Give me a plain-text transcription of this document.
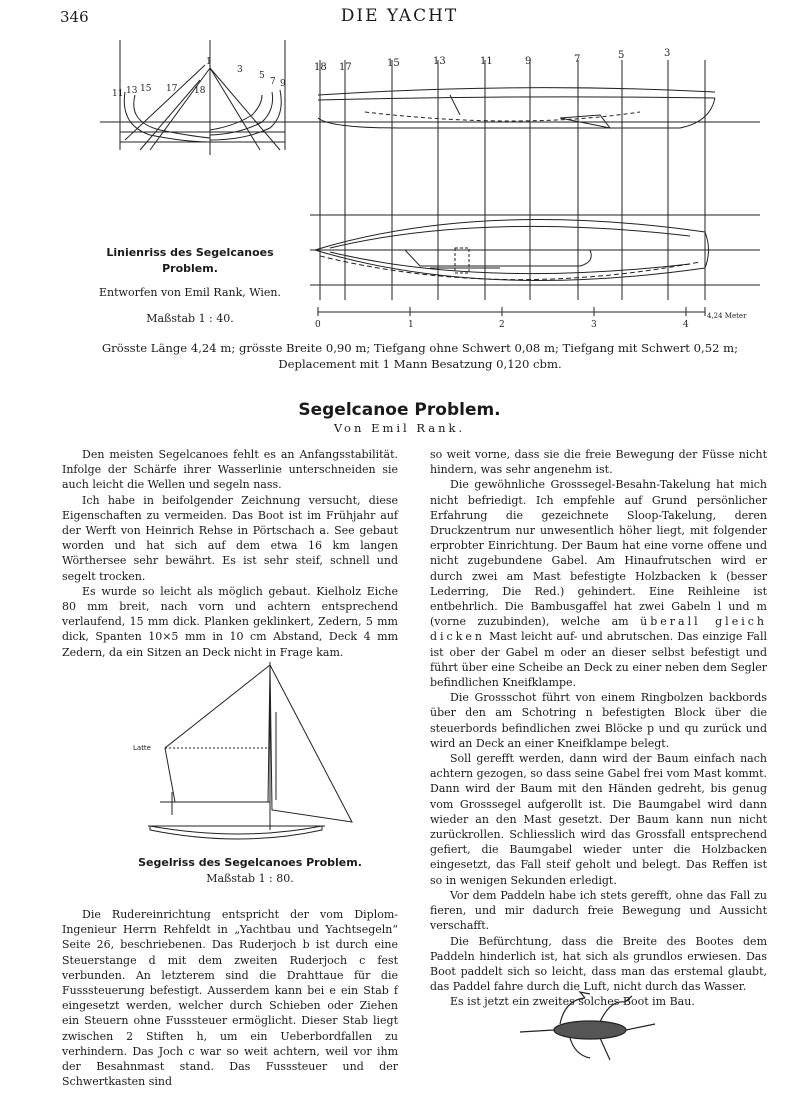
346	DIE YACHT
11 13 15 17 18
1
3
5
7 9
18 17	15	13	11	9	7	5	3
0	1	2	3	4
4,24 Meter
Linienriss des Segelcanoes
Problem.
Entworfen von Emil Rank, Wien.
Maßstab 1 : 40.
Grösste Länge 4,24 m; grösste Breite 0,90 m; Tiefgang ohne Schwert 0,08 m; Tiefgang mit Schwert 0,52 m;
Deplacement mit 1 Mann Besatzung 0,120 cbm.
Segelcanoe Problem.
Von Emil Rank.

Den meisten Segelcanoes fehlt es an Anfangsstabilität. Infolge der Schärfe ihrer Wasserlinie unterschneiden sie auch leicht die Wellen und segeln nass.

Ich habe in beifolgender Zeichnung versucht, diese Eigenschaften zu vermeiden. Das Boot ist im Frühjahr auf der Werft von Heinrich Rehse in Pörtschach a. See gebaut worden und hat sich auf dem etwa 16 km langen Wörthersee sehr bewährt. Es ist sehr steif, schnell und segelt trocken.

Es wurde so leicht als möglich gebaut. Kielholz Eiche 80 mm breit, nach vorn und achtern entsprechend verlaufend, 15 mm dick. Planken geklinkert, Zedern, 5 mm dick, Spanten 10×5 mm in 10 cm Abstand, Deck 4 mm Zedern, da ein Sitzen an Deck nicht in Frage kam.

Latte
Segelriss des Segelcanoes Problem.
Maßstab 1 : 80.

Die Rudereinrichtung entspricht der vom Diplom-Ingenieur Herrn Rehfeldt in „Yachtbau und Yachtsegeln“ Seite 26, beschriebenen. Das Ruderjoch b ist durch eine Steuerstange d mit dem zweiten Ruderjoch c fest verbunden. An letzterem sind die Drahttaue für die Fusssteuerung befestigt. Ausserdem kann bei e ein Stab f eingesetzt werden, welcher durch Schieben oder Ziehen ein Steuern ohne Fusssteuer ermöglicht. Dieser Stab liegt zwischen 2 Stiften h, um ein Ueberbordfallen zu verhindern. Das Joch c war so weit achtern, weil vor ihm der Besahnmast stand. Das Fusssteuer und der Schwertkasten sind

so weit vorne, dass sie die freie Bewegung der Füsse nicht hindern, was sehr angenehm ist.

Die gewöhnliche Grosssegel-Besahn-Takelung hat mich nicht befriedigt. Ich empfehle auf Grund persönlicher Erfahrung die gezeichnete Sloop-Takelung, deren Druckzentrum nur unwesentlich höher liegt, mit folgender erprobter Einrichtung. Der Baum hat eine vorne offene und nicht zugebundene Gabel. Am Hinaufrutschen wird er durch zwei am Mast befestigte Holzbacken k (besser Lederring, Die Red.) gehindert. Eine Reihleine ist entbehrlich. Die Bambusgaffel hat zwei Gabeln l und m (vorne zuzubinden), welche am überall gleich dicken Mast leicht auf- und abrutschen. Das einzige Fall ist ober der Gabel m oder an dieser selbst befestigt und führt über eine Scheibe an Deck zu einer neben dem Segler befindlichen Kneifklampe.

Die Grossschot führt von einem Ringbolzen backbords über den am Schotring n befestigten Block über die steuerbords befindlichen zwei Blöcke p und qu zurück und wird an Deck an einer Kneifklampe belegt.

Soll gerefft werden, dann wird der Baum einfach nach achtern gezogen, so dass seine Gabel frei vom Mast kommt. Dann wird der Baum mit den Händen gedreht, bis genug vom Grosssegel aufgerollt ist. Die Baumgabel wird dann wieder an den Mast gesetzt. Der Baum kann nun nicht zurückrollen. Schliesslich wird das Grossfall entsprechend gefiert, die Baumgabel wieder unter die Holzbacken eingesetzt, das Fall steif geholt und belegt. Das Reffen ist so in wenigen Sekunden erledigt.

Vor dem Paddeln habe ich stets gerefft, ohne das Fall zu fieren, und mir dadurch freie Bewegung und Aussicht verschafft.

Die Befürchtung, dass die Breite des Bootes dem Paddeln hinderlich ist, hat sich als grundlos erwiesen. Das Boot paddelt sich so leicht, dass man das erstemal glaubt, das Paddel fahre durch die Luft, nicht durch das Wasser.

Es ist jetzt ein zweites solches Boot im Bau.
